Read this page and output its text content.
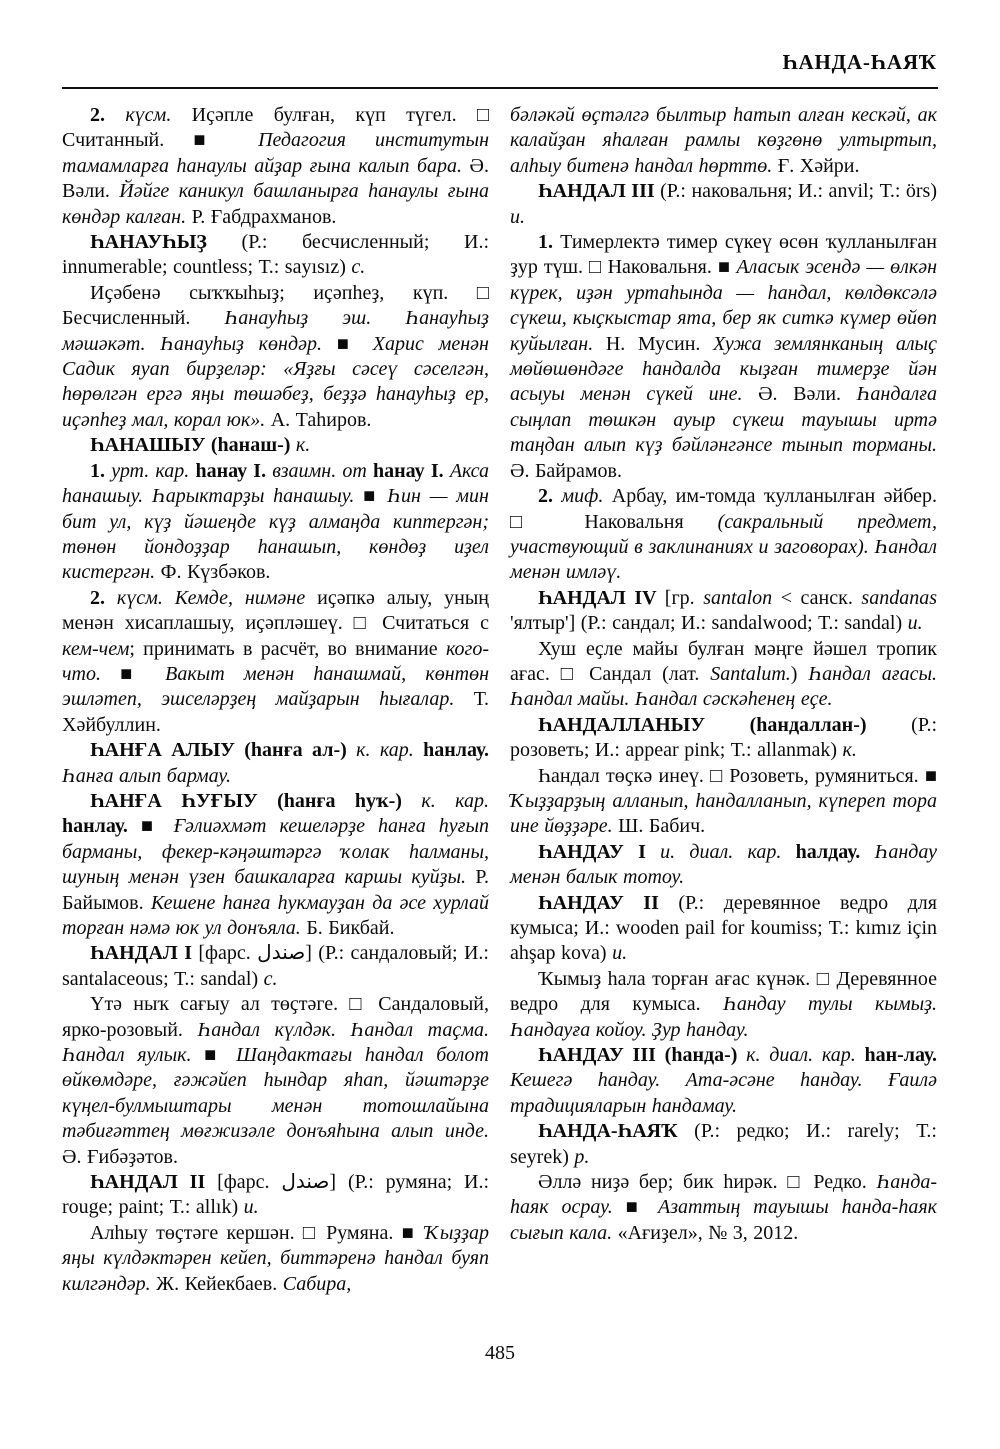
ҺАНДА-ҺАЯҠ

2. күсм. Иҫәпле булған, күп түгел. □ Считанный. ■ Педагогия институтын тамамларға һанаулы айҙар ғына калып бара. Ә. Вәли. Йәйге каникул башланырға һанаулы ғына көндәр калған. Р. Ғабдрахманов.

ҺАНАУҺЫҘ (Р.: бесчисленный; И.: innumerable; countless; Т.: sayısız) с.

Иҫәбенә сыҡҡыһыҙ; иҫәпһеҙ, күп. □ Бесчисленный. Һанауһыҙ эш. Һанауһыҙ мәшәкәт. Һанауһыҙ көндәр. ■ Харис менән Садик яуап бирҙеләр: «Яҙғы сәсеү сәселгән, һөрөлгән ергә яңы төшәбеҙ, беҙҙә һанауһыҙ ер, иҫәпһеҙ мал, корал юк». А. Таһиров.

ҺАНАШЫУ (һанаш-) к.

1. урт. кар. һанау I. взаимн. от һанау I. Акса һанашыу. Һарыктарҙы һанашыу. ■ Һин — мин бит ул, күҙ йәшеңде күҙ алмаңда киптергән; төнөн йондоҙҙар һанашып, көндөҙ иҙел кистергән. Ф. Күзбәков.

2. күсм. Кемде, нимәне иҫәпкә алыу, уның менән хисаплашыу, иҫәпләшеү. □ Считаться с кем-чем; принимать в расчёт, во внимание кого-что. ■ Вакыт менән һанашмай, көнтөн эшләтеп, эшселәрҙең майҙарын һығалар. Т. Хәйбуллин.

ҺАНҒА АЛЫУ (һанға ал-) к. кар. һанлау. Һанға алып бармау.

ҺАНҒА ҺУҒЫУ (һанға һуҡ-) к. кар. һанлау. ■ Ғәлиәхмәт кешеләрҙе һанға һуғып барманы, фекер-кәңәштәргә ҡолак һалманы, шуның менән үзен башкаларға каршы куйҙы. Р. Байымов. Кешене һанға һукмауҙан да әсе хурлай торған нәмә юк ул донъяла. Б. Бикбай.

ҺАНДАЛ I [фарс. صندل] (Р.: сандаловый; И.: santalaceous; Т.: sandal) с.

Үтә ныҡ сағыу ал төҫтәге. □ Сандаловый, ярко-розовый. Һандал күлдәк. Һандал таҫма. Һандал яулык. ■ Шаңдактағы һандал болот өйкөмдәре, ғәжәйеп һындар яһап, йәштәрҙе күңел-булмыштары менән тотошлайына тәбиғәттең мөғжизәле донъяһына алып инде. Ә. Ғибәҙәтов.

ҺАНДАЛ II [фарс. صندل] (Р.: румяна; И.: rouge; paint; Т.: allık) и.

Алһыу төҫтәге кершән. □ Румяна. ■ Ҡыҙҙар яңы күлдәктәрен кейеп, биттәренә һандал буяп килгәндәр. Ж. Кейекбаев. Сабира,

бәләкәй өҫтәлгә былтыр һатып алған кескәй, ак калайҙан яһалған рамлы көҙгөнө ултыртып, алһыу битенә һандал һөрттө. Ғ. Хәйри.

ҺАНДАЛ III (Р.: наковальня; И.: anvil; Т.: örs) и.

1. Тимерлектә тимер сүкеү өсөн ҡулланылған ҙур түш. □ Наковальня. ■ Аласык эсендә — өлкән күрек, иҙән уртаһында — һандал, көлдөксәлә сүкеш, кыҫкыстар ята, бер як ситкә күмер өйөп куйылған. Н. Мусин. Хужа землянканың алыҫ мөйөшөндәге һандалда кыҙған тимерҙе йән асыуы менән сүкей ине. Ә. Вәли. Һандалға сыңлап төшкән ауыр сүкеш тауышы иртә таңдан алып күҙ бәйләнгәнсе тынып торманы. Ә. Байрамов.

2. миф. Арбау, им-томда ҡулланылған әйбер. □ Наковальня (сакральный предмет, участвующий в заклинаниях и заговорах). Һандал менән имләү.

ҺАНДАЛ IV [гр. santalon < санск. sandanas 'ялтыр'] (Р.: сандал; И.: sandalwood; Т.: sandal) и.

Хуш еҫле майы булған мәңге йәшел тропик ағас. □ Сандал (лат. Santalum.) Һандал ағасы. Һандал майы. Һандал сәскәһенең еҫе.

ҺАНДАЛЛАНЫУ (һандаллан-) (Р.: розоветь; И.: appear pink; Т.: allanmak) к.

Һандал төҫкә инеү. □ Розоветь, румяниться. ■ Ҡыҙҙарҙың алланып, һандалланып, күпереп тора ине йөҙҙәре. Ш. Бабич.

ҺАНДАУ I и. диал. кар. һалдау. Һандау менән балык тотоу.

ҺАНДАУ II (Р.: деревянное ведро для кумыса; И.: wooden pail for koumiss; Т.: kımız için ahşap kova) и.

Ҡымыҙ һала торған ағас күнәк. □ Деревянное ведро для кумыса. Һандау тулы кымыҙ. Һандауға койоу. Ҙур һандау.

ҺАНДАУ III (һанда-) к. диал. кар. һан-лау. Кешегә һандау. Ата-әсәне һандау. Ғаилә традицияларын һандамау.

ҺАНДА-ҺАЯҠ (Р.: редко; И.: rarely; Т.: seyrek) р.

Әллә ниҙә бер; бик һирәк. □ Редко. Һанда-һаяк осрау. ■ Азаттың тауышы һанда-һаяк сығып кала. «Ағиҙел», № 3, 2012.

485
